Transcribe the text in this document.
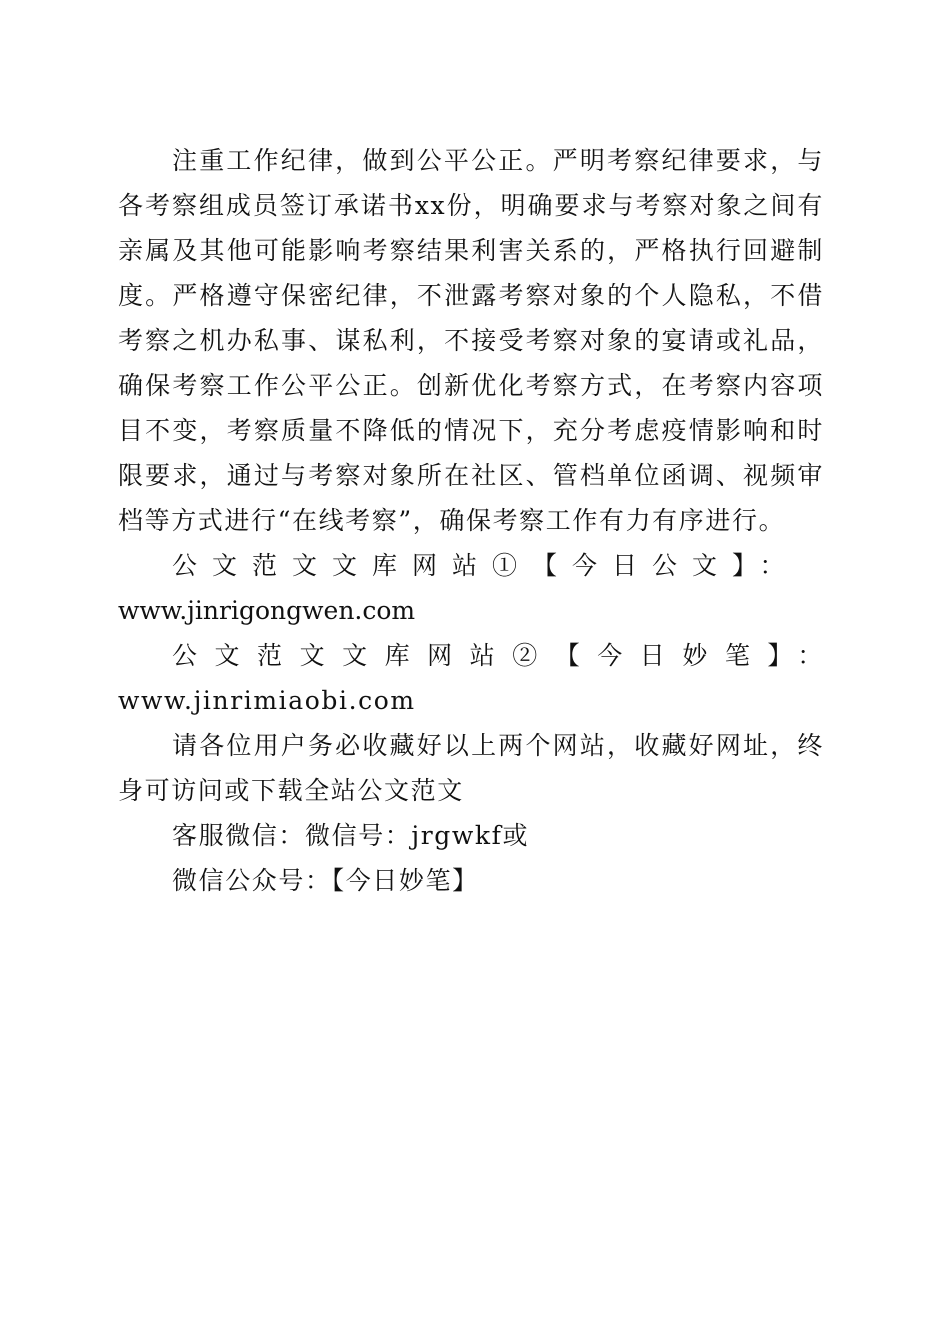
注重工作纪律，做到公平公正。严明考察纪律要求，与各考察组成员签订承诺书xx份，明确要求与考察对象之间有亲属及其他可能影响考察结果利害关系的，严格执行回避制度。严格遵守保密纪律，不泄露考察对象的个人隐私，不借考察之机办私事、谋私利，不接受考察对象的宴请或礼品，确保考察工作公平公正。创新优化考察方式，在考察内容项目不变，考察质量不降低的情况下，充分考虑疫情影响和时限要求，通过与考察对象所在社区、管档单位函调、视频审档等方式进行“在线考察”，确保考察工作有力有序进行。

公文范文文库网站①【今日公文】：
www.jinrigongwen.com

公文范文文库网站②【今日妙笔】：www.jinrimiaobi.com

请各位用户务必收藏好以上两个网站，收藏好网址，终身可访问或下载全站公文范文

客服微信：微信号：jrgwkf或

微信公众号：【今日妙笔】
